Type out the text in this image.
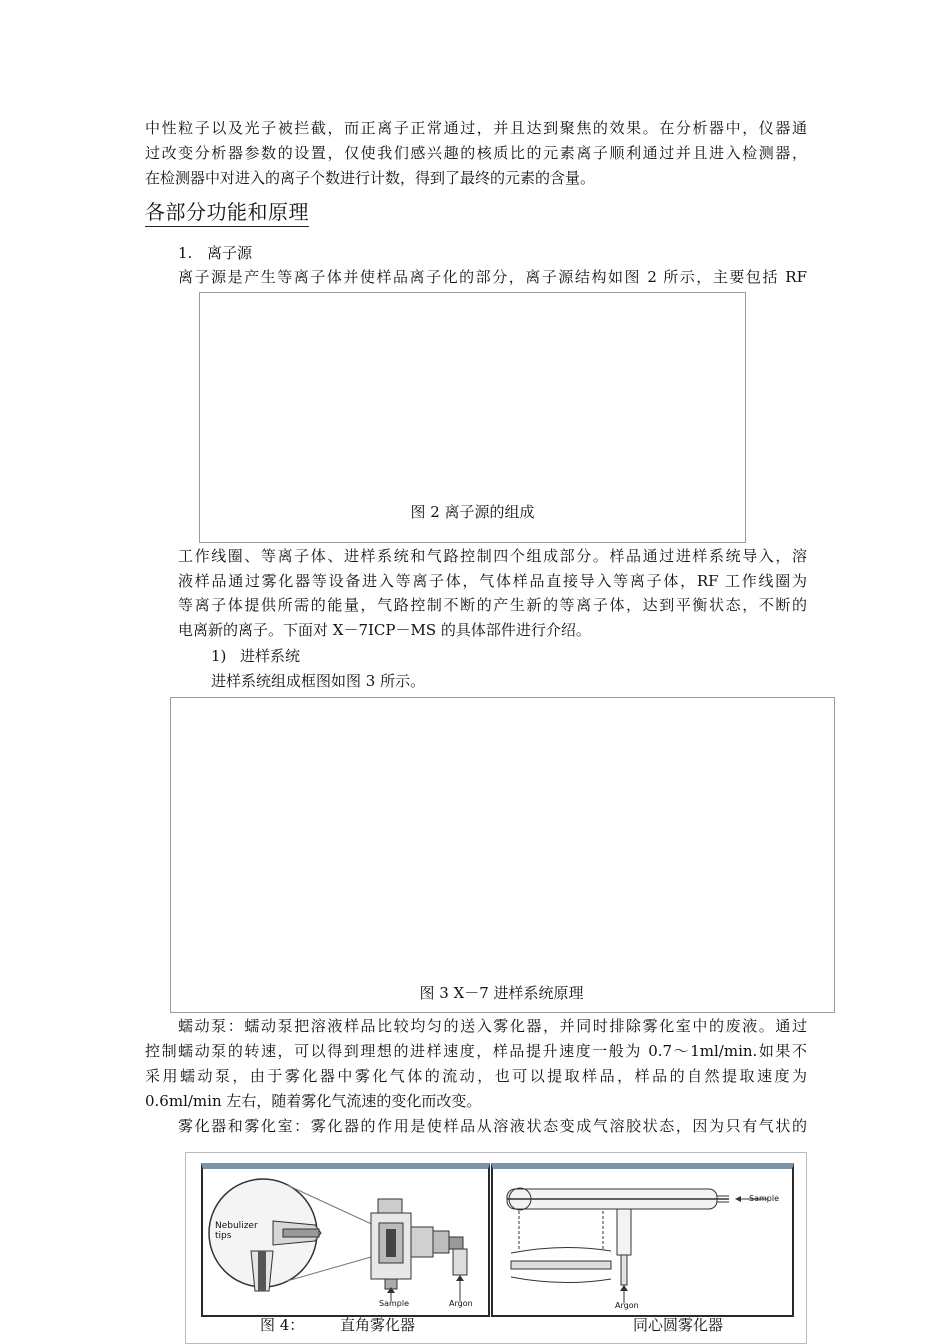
中性粒子以及光子被拦截，而正离子正常通过，并且达到聚焦的效果。在分析器中，仪器通
过改变分析器参数的设置，仅使我们感兴趣的核质比的元素离子顺利通过并且进入检测器，
在检测器中对进入的离子个数进行计数，得到了最终的元素的含量。
各部分功能和原理
1. 离子源
离子源是产生等离子体并使样品离子化的部分，离子源结构如图 2 所示，主要包括 RF
图 2 离子源的组成
工作线圈、等离子体、进样系统和气路控制四个组成部分。样品通过进样系统导入，溶
液样品通过雾化器等设备进入等离子体，气体样品直接导入等离子体，RF 工作线圈为
等离子体提供所需的能量，气路控制不断的产生新的等离子体，达到平衡状态，不断的
电离新的离子。下面对 X－7ICP－MS 的具体部件进行介绍。
1) 进样系统
进样系统组成框图如图 3 所示。
图 3 X－7 进样系统原理
蠕动泵：蠕动泵把溶液样品比较均匀的送入雾化器，并同时排除雾化室中的废液。通过
控制蠕动泵的转速，可以得到理想的进样速度，样品提升速度一般为 0.7～1ml/min.如果不
采用蠕动泵，由于雾化器中雾化气体的流动，也可以提取样品，样品的自然提取速度为
0.6ml/min 左右，随着雾化气流速的变化而改变。
雾化器和雾化室：雾化器的作用是使样品从溶液状态变成气溶胶状态，因为只有气状的
Nebulizer
tips
Sample	Argon
Sample
Argon
图 4： 直角雾化器	同心圆雾化器
